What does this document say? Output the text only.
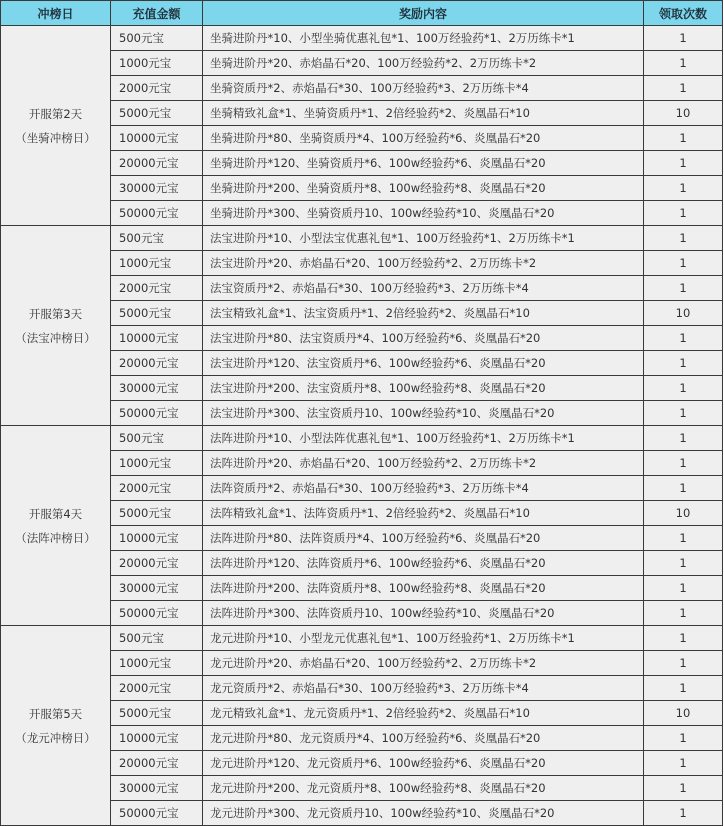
冲榜日	充值金额	奖励内容	领取次数

开服第2天
（坐骑冲榜日）	500元宝	坐骑进阶丹*10、小型坐骑优惠礼包*1、100万经验药*1、2万历练卡*1	1
	1000元宝	坐骑进阶丹*20、赤焰晶石*20、100万经验药*2、2万历练卡*2	1
	2000元宝	坐骑资质丹*2、赤焰晶石*30、100万经验药*3、2万历练卡*4	1
	5000元宝	坐骑精致礼盒*1、坐骑资质丹*1、2倍经验药*2、炎凰晶石*10	10
	10000元宝	坐骑进阶丹*80、坐骑资质丹*4、100万经验药*6、炎凰晶石*20	1
	20000元宝	坐骑进阶丹*120、坐骑资质丹*6、100w经验药*6、炎凰晶石*20	1
	30000元宝	坐骑进阶丹*200、坐骑资质丹*8、100w经验药*8、炎凰晶石*20	1
	50000元宝	坐骑进阶丹*300、坐骑资质丹10、100w经验药*10、炎凰晶石*20	1

开服第3天
（法宝冲榜日）	500元宝	法宝进阶丹*10、小型法宝优惠礼包*1、100万经验药*1、2万历练卡*1	1
	1000元宝	法宝进阶丹*20、赤焰晶石*20、100万经验药*2、2万历练卡*2	1
	2000元宝	法宝资质丹*2、赤焰晶石*30、100万经验药*3、2万历练卡*4	1
	5000元宝	法宝精致礼盒*1、法宝资质丹*1、2倍经验药*2、炎凰晶石*10	10
	10000元宝	法宝进阶丹*80、法宝资质丹*4、100万经验药*6、炎凰晶石*20	1
	20000元宝	法宝进阶丹*120、法宝资质丹*6、100w经验药*6、炎凰晶石*20	1
	30000元宝	法宝进阶丹*200、法宝资质丹*8、100w经验药*8、炎凰晶石*20	1
	50000元宝	法宝进阶丹*300、法宝资质丹10、100w经验药*10、炎凰晶石*20	1

开服第4天
（法阵冲榜日）	500元宝	法阵进阶丹*10、小型法阵优惠礼包*1、100万经验药*1、2万历练卡*1	1
	1000元宝	法阵进阶丹*20、赤焰晶石*20、100万经验药*2、2万历练卡*2	1
	2000元宝	法阵资质丹*2、赤焰晶石*30、100万经验药*3、2万历练卡*4	1
	5000元宝	法阵精致礼盒*1、法阵资质丹*1、2倍经验药*2、炎凰晶石*10	10
	10000元宝	法阵进阶丹*80、法阵资质丹*4、100万经验药*6、炎凰晶石*20	1
	20000元宝	法阵进阶丹*120、法阵资质丹*6、100w经验药*6、炎凰晶石*20	1
	30000元宝	法阵进阶丹*200、法阵资质丹*8、100w经验药*8、炎凰晶石*20	1
	50000元宝	法阵进阶丹*300、法阵资质丹10、100w经验药*10、炎凰晶石*20	1

开服第5天
（龙元冲榜日）	500元宝	龙元进阶丹*10、小型龙元优惠礼包*1、100万经验药*1、2万历练卡*1	1
	1000元宝	龙元进阶丹*20、赤焰晶石*20、100万经验药*2、2万历练卡*2	1
	2000元宝	龙元资质丹*2、赤焰晶石*30、100万经验药*3、2万历练卡*4	1
	5000元宝	龙元精致礼盒*1、龙元资质丹*1、2倍经验药*2、炎凰晶石*10	10
	10000元宝	龙元进阶丹*80、龙元资质丹*4、100万经验药*6、炎凰晶石*20	1
	20000元宝	龙元进阶丹*120、龙元资质丹*6、100w经验药*6、炎凰晶石*20	1
	30000元宝	龙元进阶丹*200、龙元资质丹*8、100w经验药*8、炎凰晶石*20	1
	50000元宝	龙元进阶丹*300、龙元资质丹10、100w经验药*10、炎凰晶石*20	1
